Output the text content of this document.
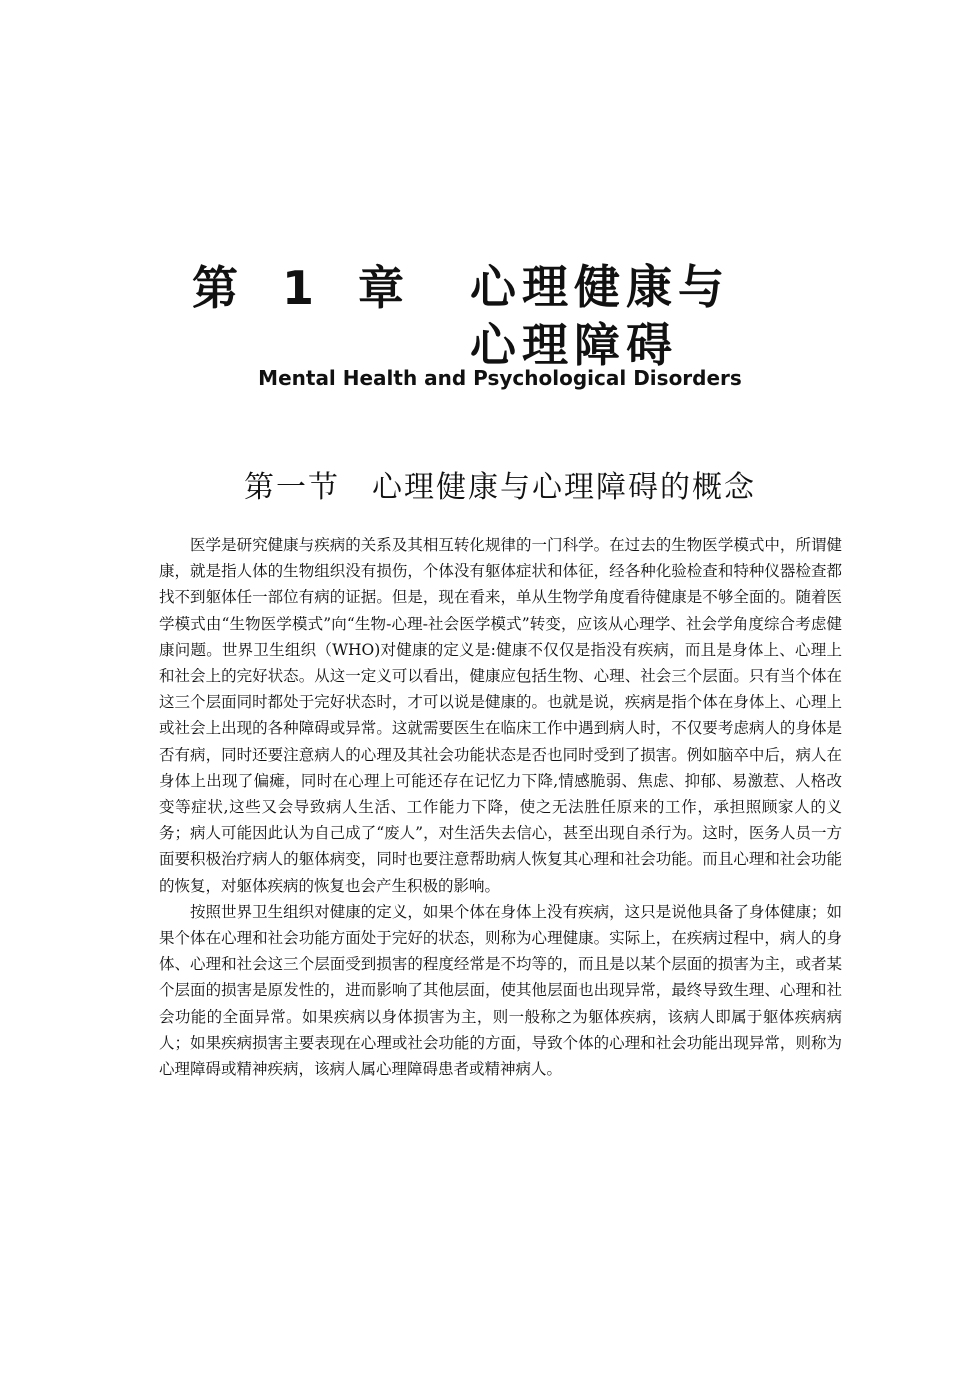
第 1 章 心理健康与
心理障碍
Mental Health and Psychological Disorders
第一节　心理健康与心理障碍的概念

医学是研究健康与疾病的关系及其相互转化规律的一门科学。在过去的生物医学模式中，所谓健康，就是指人体的生物组织没有损伤，个体没有躯体症状和体征，经各种化验检查和特种仪器检查都找不到躯体任一部位有病的证据。但是，现在看来，单从生物学角度看待健康是不够全面的。随着医学模式由“生物医学模式”向“生物-心理-社会医学模式”转变，应该从心理学、社会学角度综合考虑健康问题。世界卫生组织（WHO)对健康的定义是:健康不仅仅是指没有疾病，而且是身体上、心理上和社会上的完好状态。从这一定义可以看出，健康应包括生物、心理、社会三个层面。只有当个体在这三个层面同时都处于完好状态时，才可以说是健康的。也就是说，疾病是指个体在身体上、心理上或社会上出现的各种障碍或异常。这就需要医生在临床工作中遇到病人时，不仅要考虑病人的身体是否有病，同时还要注意病人的心理及其社会功能状态是否也同时受到了损害。例如脑卒中后，病人在身体上出现了偏瘫，同时在心理上可能还存在记忆力下降,情感脆弱、焦虑、抑郁、易激惹、人格改变等症状,这些又会导致病人生活、工作能力下降，使之无法胜任原来的工作，承担照顾家人的义务；病人可能因此认为自己成了“废人”，对生活失去信心，甚至出现自杀行为。这时，医务人员一方面要积极治疗病人的躯体病变，同时也要注意帮助病人恢复其心理和社会功能。而且心理和社会功能的恢复，对躯体疾病的恢复也会产生积极的影响。

按照世界卫生组织对健康的定义，如果个体在身体上没有疾病，这只是说他具备了身体健康；如果个体在心理和社会功能方面处于完好的状态，则称为心理健康。实际上，在疾病过程中，病人的身体、心理和社会这三个层面受到损害的程度经常是不均等的，而且是以某个层面的损害为主，或者某个层面的损害是原发性的，进而影响了其他层面，使其他层面也出现异常，最终导致生理、心理和社会功能的全面异常。如果疾病以身体损害为主，则一般称之为躯体疾病，该病人即属于躯体疾病病人；如果疾病损害主要表现在心理或社会功能的方面，导致个体的心理和社会功能出现异常，则称为心理障碍或精神疾病，该病人属心理障碍患者或精神病人。
